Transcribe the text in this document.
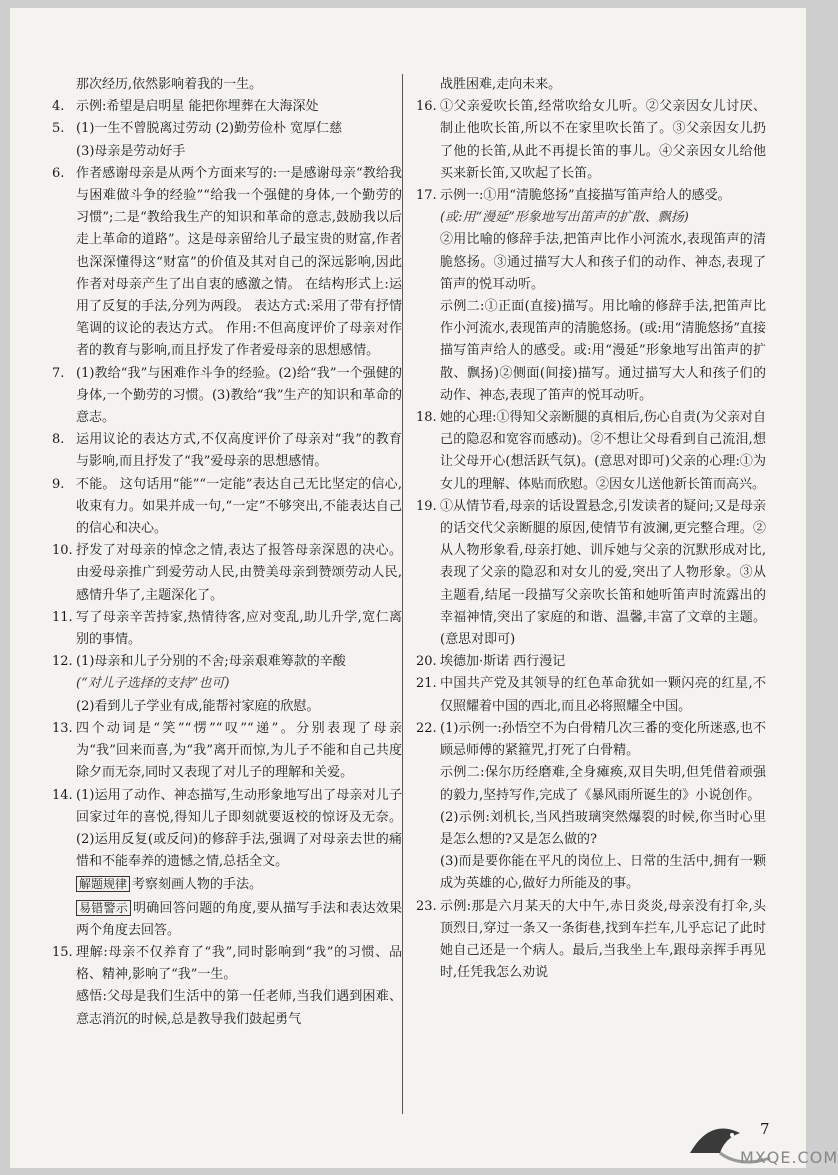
那次经历,依然影响着我的一生。

4. 示例:希望是启明星 能把你埋葬在大海深处

5. (1)一生不曾脱离过劳动 (2)勤劳俭朴 宽厚仁慈

(3)母亲是劳动好手

6. 作者感谢母亲是从两个方面来写的:一是感谢母亲“教给我与困难做斗争的经验”“给我一个强健的身体,一个勤劳的习惯”;二是“教给我生产的知识和革命的意志,鼓励我以后走上革命的道路”。这是母亲留给儿子最宝贵的财富,作者也深深懂得这“财富”的价值及其对自己的深远影响,因此作者对母亲产生了出自衷的感激之情。 在结构形式上:运用了反复的手法,分列为两段。 表达方式:采用了带有抒情笔调的议论的表达方式。 作用:不但高度评价了母亲对作者的教育与影响,而且抒发了作者爱母亲的思想感情。

7. (1)教给“我”与困难作斗争的经验。(2)给“我”一个强健的身体,一个勤劳的习惯。(3)教给“我”生产的知识和革命的意志。

8. 运用议论的表达方式,不仅高度评价了母亲对“我”的教育与影响,而且抒发了“我”爱母亲的思想感情。

9. 不能。 这句话用“能”“一定能”表达自己无比坚定的信心,收束有力。如果并成一句,“一定”不够突出,不能表达自己的信心和决心。

10. 抒发了对母亲的悼念之情,表达了报答母亲深恩的决心。由爱母亲推广到爱劳动人民,由赞美母亲到赞颂劳动人民,感情升华了,主题深化了。

11. 写了母亲辛苦持家,热情待客,应对变乱,助儿升学,宽仁离别的事情。

12. (1)母亲和儿子分别的不舍;母亲艰难筹款的辛酸

(“对儿子选择的支持”也可)

(2)看到儿子学业有成,能帮衬家庭的欣慰。

13. 四个动词是“笑”“愣”“叹”“递”。分别表现了母亲为“我”回来而喜,为“我”离开而惊,为儿子不能和自己共度除夕而无奈,同时又表现了对儿子的理解和关爱。

14. (1)运用了动作、神态描写,生动形象地写出了母亲对儿子回家过年的喜悦,得知儿子即刻就要返校的惊讶及无奈。(2)运用反复(或反问)的修辞手法,强调了对母亲去世的痛惜和不能奉养的遗憾之情,总括全文。

解题规律 考察刻画人物的手法。

易错警示 明确回答问题的角度,要从描写手法和表达效果两个角度去回答。

15. 理解:母亲不仅养育了“我”,同时影响到“我”的习惯、品格、精神,影响了“我”一生。

感悟:父母是我们生活中的第一任老师,当我们遇到困难、意志消沉的时候,总是教导我们鼓起勇气

战胜困难,走向未来。

16. ①父亲爱吹长笛,经常吹给女儿听。②父亲因女儿讨厌、制止他吹长笛,所以不在家里吹长笛了。③父亲因女儿扔了他的长笛,从此不再提长笛的事儿。④父亲因女儿给他买来新长笛,又吹起了长笛。

17. 示例一:①用“清脆悠扬”直接描写笛声给人的感受。

(或:用“漫延”形象地写出笛声的扩散、飘扬)

②用比喻的修辞手法,把笛声比作小河流水,表现笛声的清脆悠扬。③通过描写大人和孩子们的动作、神态,表现了笛声的悦耳动听。

示例二:①正面(直接)描写。用比喻的修辞手法,把笛声比作小河流水,表现笛声的清脆悠扬。(或:用“清脆悠扬”直接描写笛声给人的感受。或:用“漫延”形象地写出笛声的扩散、飘扬)②侧面(间接)描写。通过描写大人和孩子们的动作、神态,表现了笛声的悦耳动听。

18. 她的心理:①得知父亲断腿的真相后,伤心自责(为父亲对自己的隐忍和宽容而感动)。②不想让父母看到自己流泪,想让父母开心(想活跃气氛)。(意思对即可)父亲的心理:①为女儿的理解、体贴而欣慰。②因女儿送他新长笛而高兴。

19. ①从情节看,母亲的话设置悬念,引发读者的疑问;又是母亲的话交代父亲断腿的原因,使情节有波澜,更完整合理。②从人物形象看,母亲打她、训斥她与父亲的沉默形成对比,表现了父亲的隐忍和对女儿的爱,突出了人物形象。③从主题看,结尾一段描写父亲吹长笛和她听笛声时流露出的幸福神情,突出了家庭的和谐、温馨,丰富了文章的主题。(意思对即可)

20. 埃德加·斯诺 西行漫记

21. 中国共产党及其领导的红色革命犹如一颗闪亮的红星,不仅照耀着中国的西北,而且必将照耀全中国。

22. (1)示例一:孙悟空不为白骨精几次三番的变化所迷惑,也不顾忌师傅的紧箍咒,打死了白骨精。

示例二:保尔历经磨难,全身瘫痪,双目失明,但凭借着顽强的毅力,坚持写作,完成了《暴风雨所诞生的》小说创作。

(2)示例:刘机长,当风挡玻璃突然爆裂的时候,你当时心里是怎么想的?又是怎么做的?

(3)而是要你能在平凡的岗位上、日常的生活中,拥有一颗成为英雄的心,做好力所能及的事。

23. 示例:那是六月某天的大中午,赤日炎炎,母亲没有打伞,头顶烈日,穿过一条又一条街巷,找到车拦车,儿乎忘记了此时她自己还是一个病人。最后,当我坐上车,跟母亲挥手再见时,任凭我怎么劝说

7
MXQE.COM
